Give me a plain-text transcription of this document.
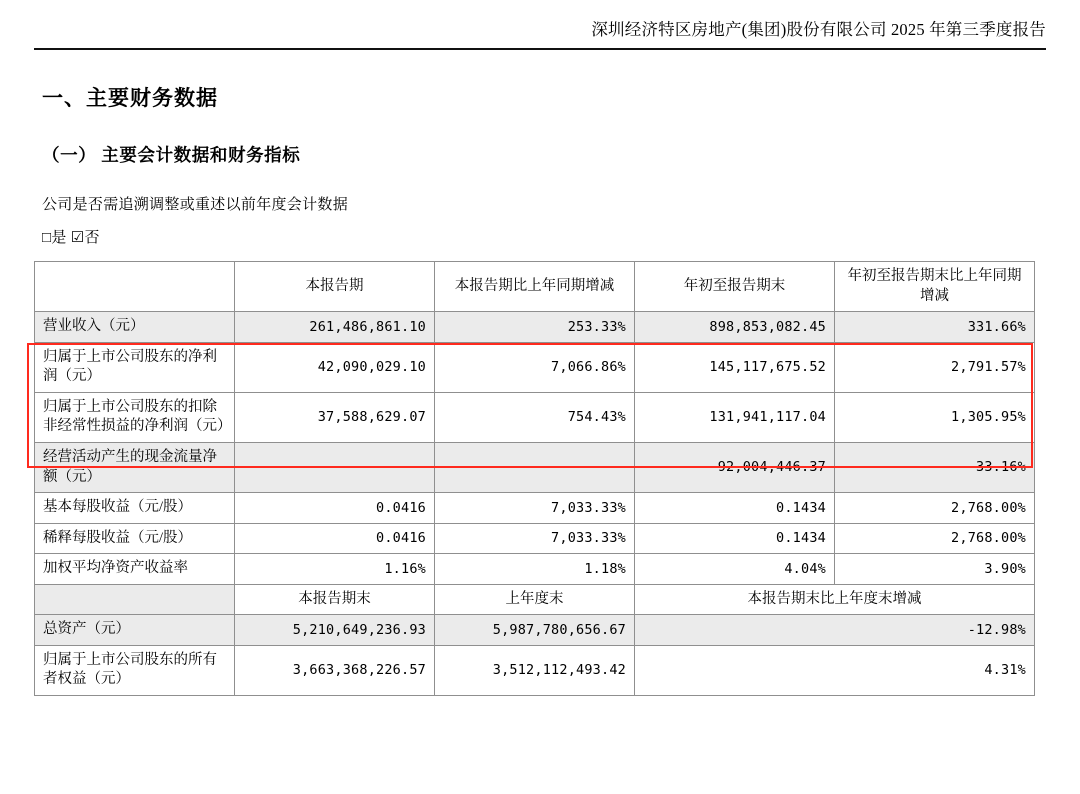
深圳经济特区房地产(集团)股份有限公司 2025 年第三季度报告
一、主要财务数据
（一） 主要会计数据和财务指标

公司是否需追溯调整或重述以前年度会计数据

□是 ☑否

	本报告期	本报告期比上年同期增减	年初至报告期末	年初至报告期末比上年同期增减
营业收入（元）	261,486,861.10	253.33%	898,853,082.45	331.66%
归属于上市公司股东的净利润（元）	42,090,029.10	7,066.86%	145,117,675.52	2,791.57%
归属于上市公司股东的扣除非经常性损益的净利润（元）	37,588,629.07	754.43%	131,941,117.04	1,305.95%
经营活动产生的现金流量净额（元）	—	—	-92,004,446.37	33.16%
基本每股收益（元/股）	0.0416	7,033.33%	0.1434	2,768.00%
稀释每股收益（元/股）	0.0416	7,033.33%	0.1434	2,768.00%
加权平均净资产收益率	1.16%	1.18%	4.04%	3.90%
	本报告期末	上年度末	本报告期末比上年度末增减	
总资产（元）	5,210,649,236.93	5,987,780,656.67	-12.98%	
归属于上市公司股东的所有者权益（元）	3,663,368,226.57	3,512,112,493.42	4.31%	
